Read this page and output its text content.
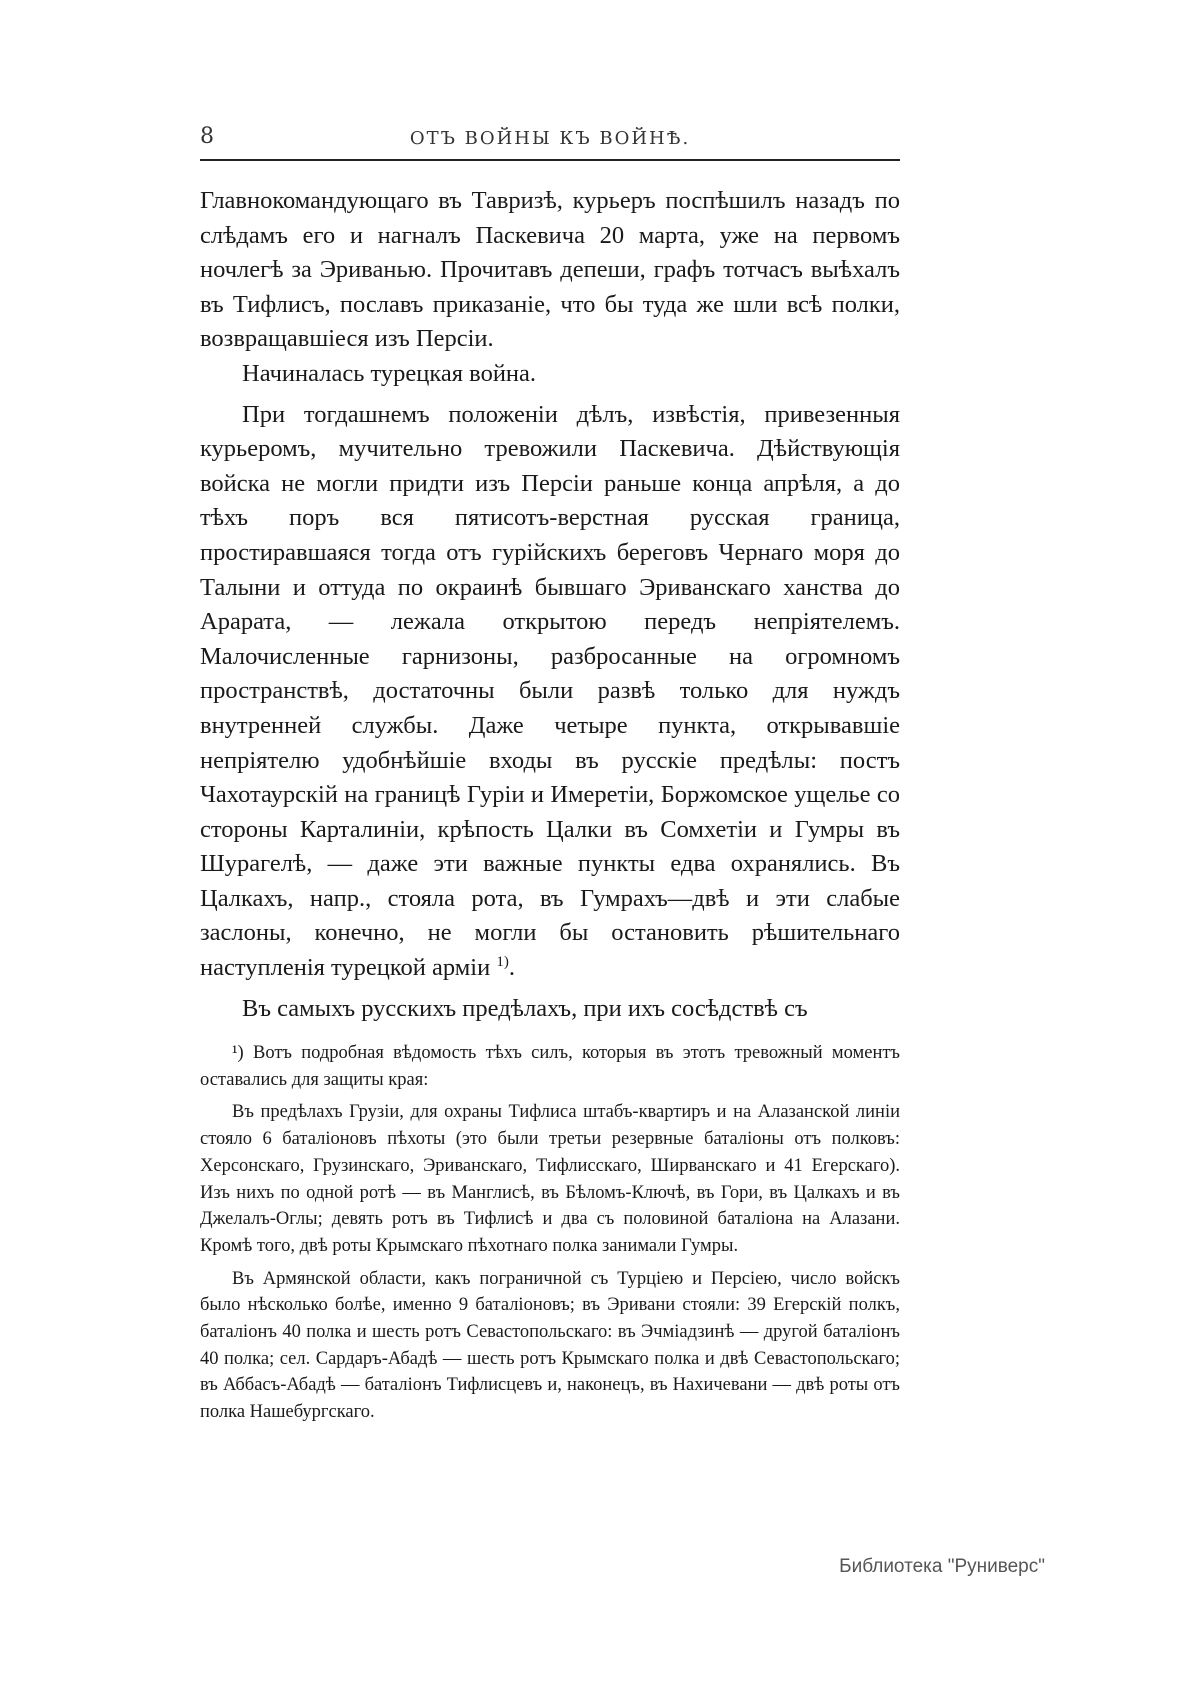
8	ОТЪ ВОЙНЫ КЪ ВОЙНѢ.

Главнокомандующаго въ Тавризѣ, курьеръ поспѣшилъ назадъ по слѣдамъ его и нагналъ Паскевича 20 марта, уже на первомъ ночлегѣ за Эриванью. Прочитавъ депеши, графъ тотчасъ выѣхалъ въ Тифлисъ, пославъ приказаніе, что бы туда же шли всѣ полки, возвращавшіеся изъ Персіи.

Начиналась турецкая война.

При тогдашнемъ положеніи дѣлъ, извѣстія, привезенныя курьеромъ, мучительно тревожили Паскевича. Дѣйствующія войска не могли придти изъ Персіи раньше конца апрѣля, а до тѣхъ поръ вся пятисотъ-верстная русская граница, простиравшаяся тогда отъ гурійскихъ береговъ Чернаго моря до Талыни и оттуда по окраинѣ бывшаго Эриванскаго ханства до Арарата, — лежала открытою передъ непріятелемъ. Малочисленные гарнизоны, разбросанные на огромномъ пространствѣ, достаточны были развѣ только для нуждъ внутренней службы. Даже четыре пункта, открывавшіе непріятелю удобнѣйшіе входы въ русскіе предѣлы: постъ Чахотаурскій на границѣ Гуріи и Имеретіи, Боржомское ущелье со стороны Карталиніи, крѣпость Цалки въ Сомхетіи и Гумры въ Шурагелѣ, — даже эти важные пункты едва охранялись. Въ Цалкахъ, напр., стояла рота, въ Гумрахъ—двѣ и эти слабые заслоны, конечно, не могли бы остановить рѣшительнаго наступленія турецкой арміи $^{1)}$.

Въ самыхъ русскихъ предѣлахъ, при ихъ сосѣдствѣ съ

¹) Вотъ подробная вѣдомость тѣхъ силъ, которыя въ этотъ тревожный моментъ оставались для защиты края:

Въ предѣлахъ Грузіи, для охраны Тифлиса штабъ-квартиръ и на Алазанской линіи стояло 6 баталіоновъ пѣхоты (это были третьи резервные баталіоны отъ полковъ: Херсонскаго, Грузинскаго, Эриванскаго, Тифлисскаго, Ширванскаго и 41 Егерскаго). Изъ нихъ по одной ротѣ — въ Манглисѣ, въ Бѣломъ-Ключѣ, въ Гори, въ Цалкахъ и въ Джелалъ-Оглы; девять ротъ въ Тифлисѣ и два съ половиной баталіона на Алазани. Кромѣ того, двѣ роты Крымскаго пѣхотнаго полка занимали Гумры.

Въ Армянской области, какъ пограничной съ Турціею и Персіею, число войскъ было нѣсколько болѣе, именно 9 баталіоновъ; въ Эривани стояли: 39 Егерскій полкъ, баталіонъ 40 полка и шесть ротъ Севастопольскаго: въ Эчміадзинѣ — другой баталіонъ 40 полка; сел. Сардаръ-Абадѣ — шесть ротъ Крымскаго полка и двѣ Севастопольскаго; въ Аббасъ-Абадѣ — баталіонъ Тифлисцевъ и, наконецъ, въ Нахичевани — двѣ роты отъ полка Нашебургскаго.

Библиотека "Руниверс"
